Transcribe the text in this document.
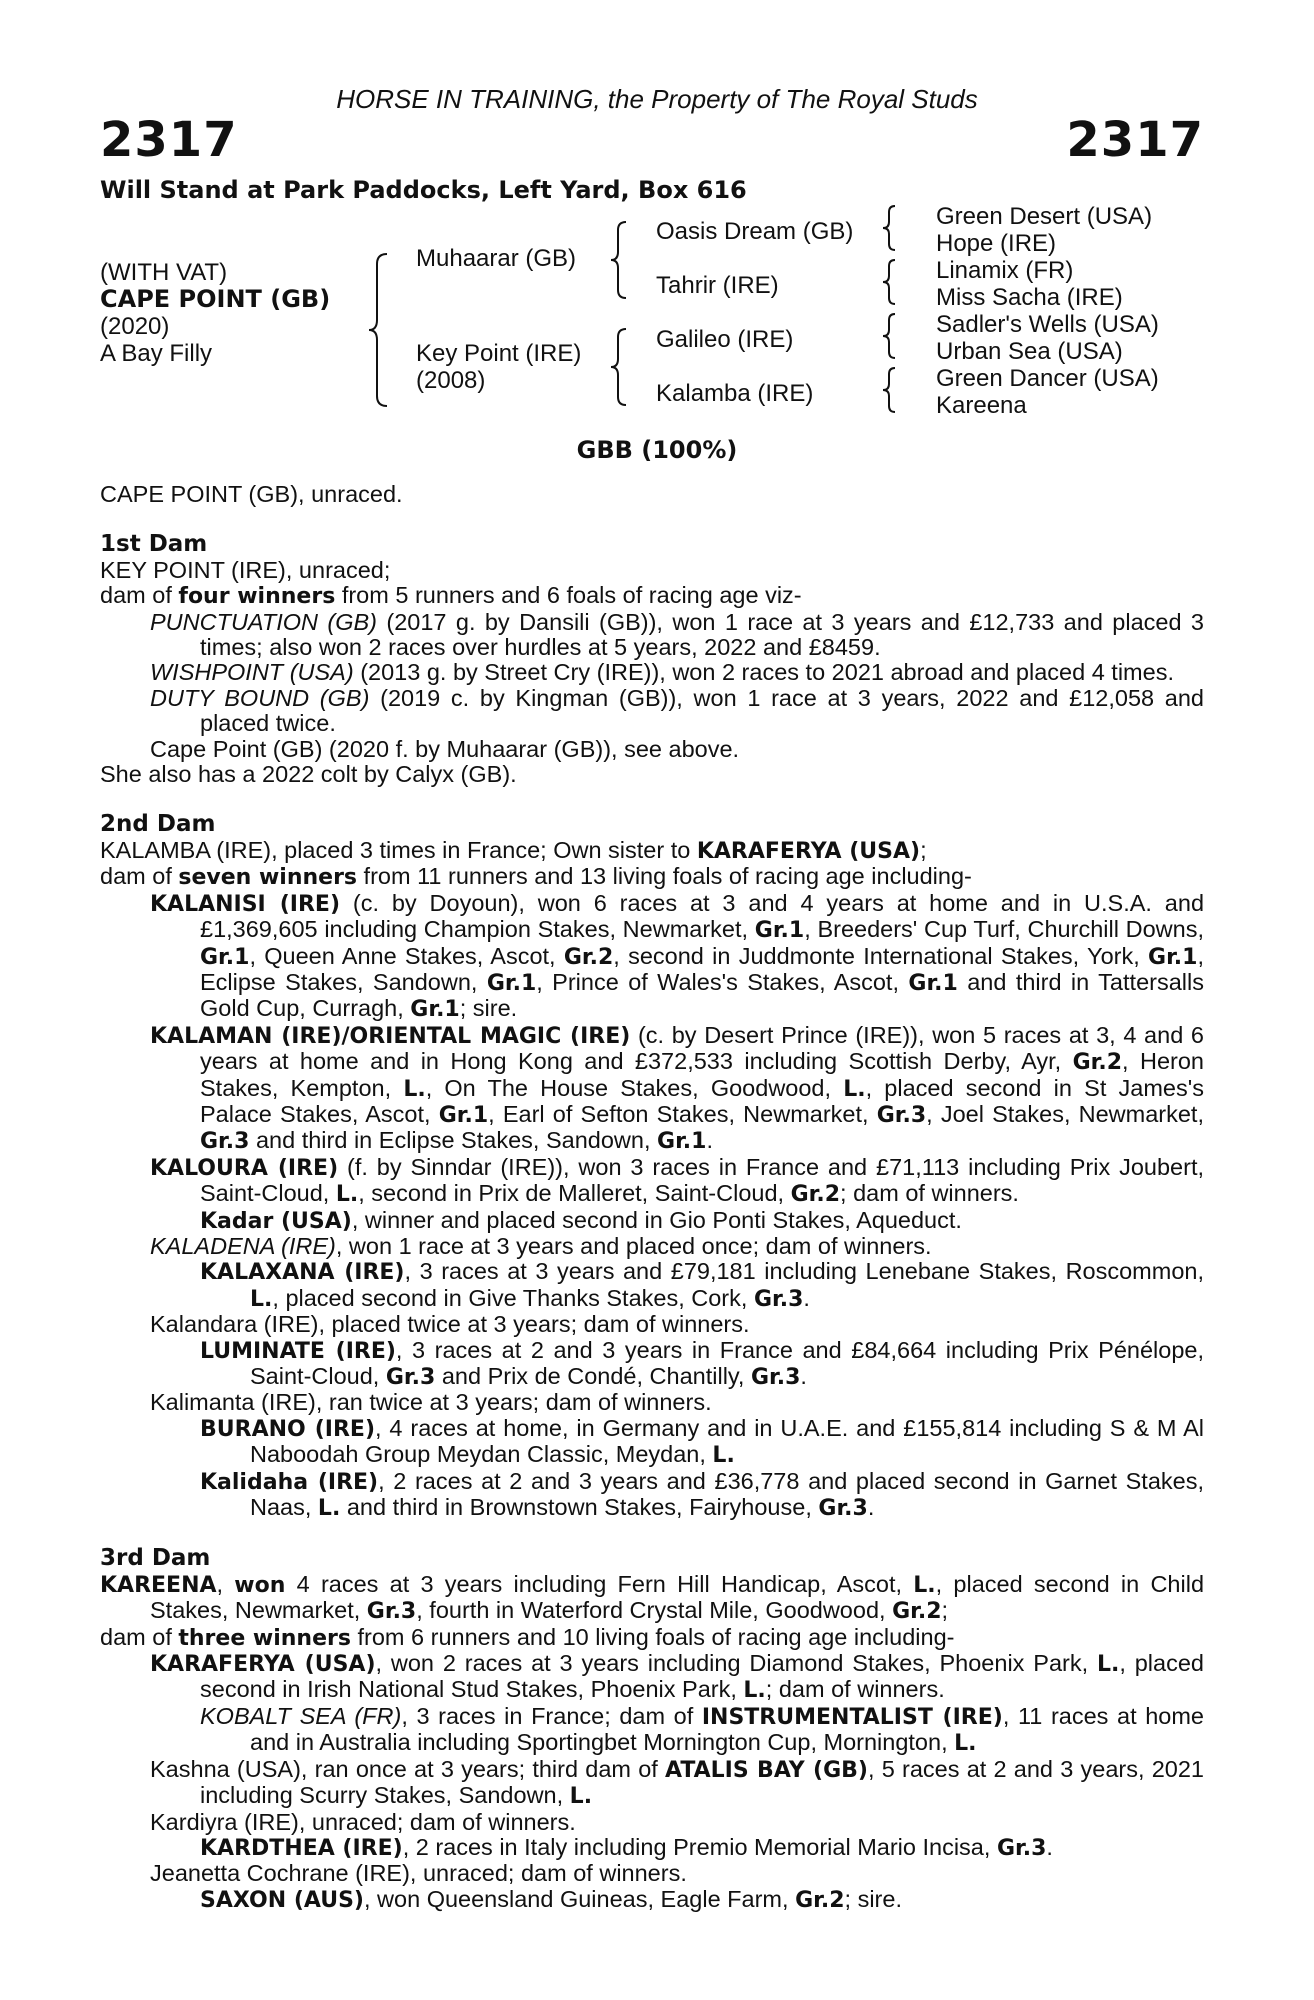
HORSE IN TRAINING, the Property of The Royal Studs
2317	2317
Will Stand at Park Paddocks, Left Yard, Box 616
(WITH VAT)
CAPE POINT (GB)
(2020)
A Bay Filly
Muhaarar (GB)
Key Point (IRE)
(2008)
Oasis Dream (GB)
Tahrir (IRE)
Galileo (IRE)
Kalamba (IRE)
Green Desert (USA)
Hope (IRE)
Linamix (FR)
Miss Sacha (IRE)
Sadler's Wells (USA)
Urban Sea (USA)
Green Dancer (USA)
Kareena
GBB (100%)

CAPE POINT (GB), unraced.

1st Dam

KEY POINT (IRE), unraced;

dam of four winners from 5 runners and 6 foals of racing age viz-

PUNCTUATION (GB) (2017 g. by Dansili (GB)), won 1 race at 3 years and £12,733 and placed 3 times; also won 2 races over hurdles at 5 years, 2022 and £8459.

WISHPOINT (USA) (2013 g. by Street Cry (IRE)), won 2 races to 2021 abroad and placed 4 times.

DUTY BOUND (GB) (2019 c. by Kingman (GB)), won 1 race at 3 years, 2022 and £12,058 and placed twice.

Cape Point (GB) (2020 f. by Muhaarar (GB)), see above.

She also has a 2022 colt by Calyx (GB).

2nd Dam

KALAMBA (IRE), placed 3 times in France; Own sister to KARAFERYA (USA);

dam of seven winners from 11 runners and 13 living foals of racing age including-

KALANISI (IRE) (c. by Doyoun), won 6 races at 3 and 4 years at home and in U.S.A. and £1,369,605 including Champion Stakes, Newmarket, Gr.1, Breeders' Cup Turf, Churchill Downs, Gr.1, Queen Anne Stakes, Ascot, Gr.2, second in Juddmonte International Stakes, York, Gr.1, Eclipse Stakes, Sandown, Gr.1, Prince of Wales's Stakes, Ascot, Gr.1 and third in Tattersalls Gold Cup, Curragh, Gr.1; sire.

KALAMAN (IRE)/ORIENTAL MAGIC (IRE) (c. by Desert Prince (IRE)), won 5 races at 3, 4 and 6 years at home and in Hong Kong and £372,533 including Scottish Derby, Ayr, Gr.2, Heron Stakes, Kempton, L., On The House Stakes, Goodwood, L., placed second in St James's Palace Stakes, Ascot, Gr.1, Earl of Sefton Stakes, Newmarket, Gr.3, Joel Stakes, Newmarket, Gr.3 and third in Eclipse Stakes, Sandown, Gr.1.

KALOURA (IRE) (f. by Sinndar (IRE)), won 3 races in France and £71,113 including Prix Joubert, Saint-Cloud, L., second in Prix de Malleret, Saint-Cloud, Gr.2; dam of winners.

Kadar (USA), winner and placed second in Gio Ponti Stakes, Aqueduct.

KALADENA (IRE), won 1 race at 3 years and placed once; dam of winners.

KALAXANA (IRE), 3 races at 3 years and £79,181 including Lenebane Stakes, Roscommon, L., placed second in Give Thanks Stakes, Cork, Gr.3.

Kalandara (IRE), placed twice at 3 years; dam of winners.

LUMINATE (IRE), 3 races at 2 and 3 years in France and £84,664 including Prix Pénélope, Saint-Cloud, Gr.3 and Prix de Condé, Chantilly, Gr.3.

Kalimanta (IRE), ran twice at 3 years; dam of winners.

BURANO (IRE), 4 races at home, in Germany and in U.A.E. and £155,814 including S & M Al Naboodah Group Meydan Classic, Meydan, L.

Kalidaha (IRE), 2 races at 2 and 3 years and £36,778 and placed second in Garnet Stakes, Naas, L. and third in Brownstown Stakes, Fairyhouse, Gr.3.

3rd Dam

KAREENA, won 4 races at 3 years including Fern Hill Handicap, Ascot, L., placed second in Child Stakes, Newmarket, Gr.3, fourth in Waterford Crystal Mile, Goodwood, Gr.2;

dam of three winners from 6 runners and 10 living foals of racing age including-

KARAFERYA (USA), won 2 races at 3 years including Diamond Stakes, Phoenix Park, L., placed second in Irish National Stud Stakes, Phoenix Park, L.; dam of winners.

KOBALT SEA (FR), 3 races in France; dam of INSTRUMENTALIST (IRE), 11 races at home and in Australia including Sportingbet Mornington Cup, Mornington, L.

Kashna (USA), ran once at 3 years; third dam of ATALIS BAY (GB), 5 races at 2 and 3 years, 2021 including Scurry Stakes, Sandown, L.

Kardiyra (IRE), unraced; dam of winners.

KARDTHEA (IRE), 2 races in Italy including Premio Memorial Mario Incisa, Gr.3.

Jeanetta Cochrane (IRE), unraced; dam of winners.

SAXON (AUS), won Queensland Guineas, Eagle Farm, Gr.2; sire.
